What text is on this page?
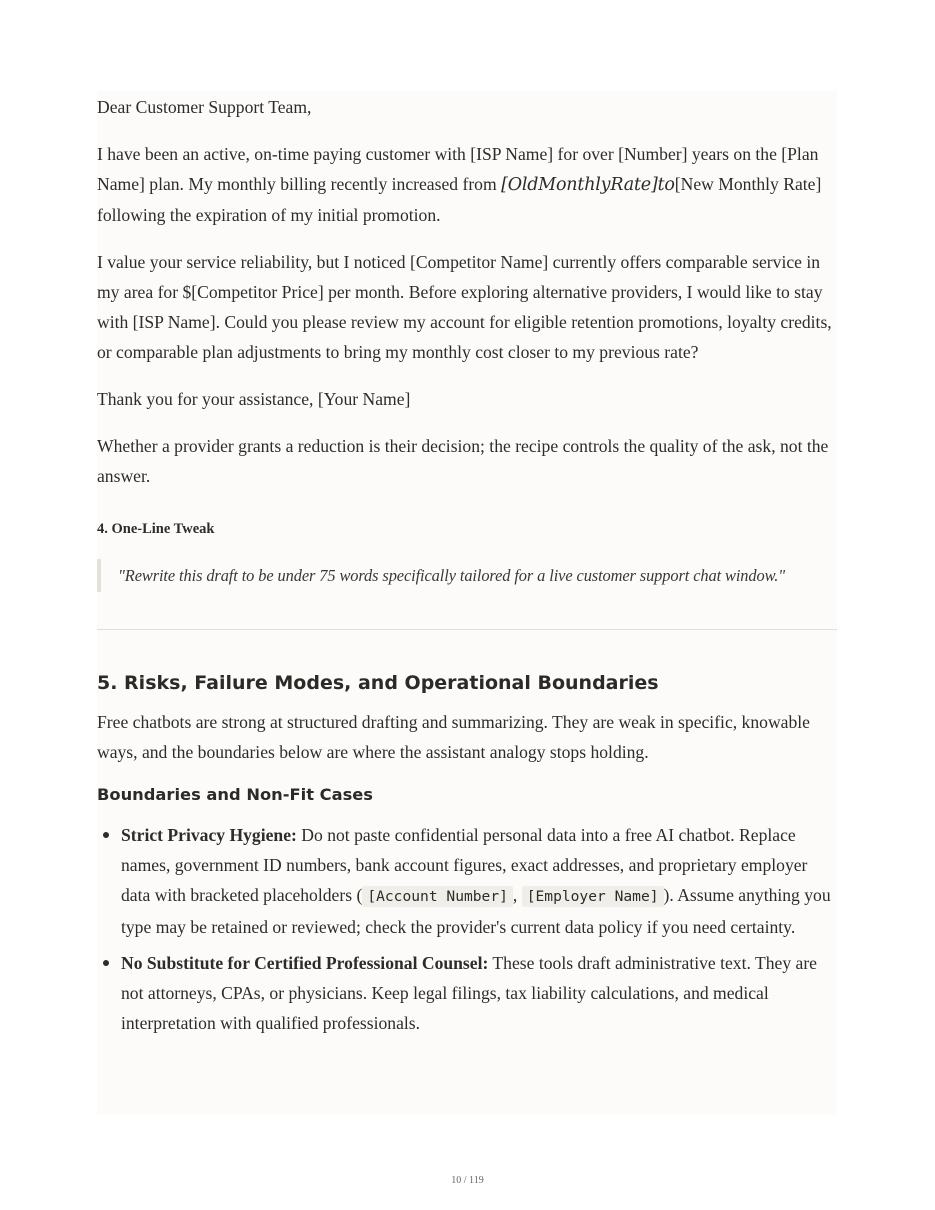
Dear Customer Support Team,

I have been an active, on-time paying customer with [ISP Name] for over [Number] years on the [Plan Name] plan. My monthly billing recently increased from [OldMonthlyRate]to[New Monthly Rate] following the expiration of my initial promotion.

I value your service reliability, but I noticed [Competitor Name] currently offers comparable service in my area for $[Competitor Price] per month. Before exploring alternative providers, I would like to stay with [ISP Name]. Could you please review my account for eligible retention promotions, loyalty credits, or comparable plan adjustments to bring my monthly cost closer to my previous rate?

Thank you for your assistance, [Your Name]

Whether a provider grants a reduction is their decision; the recipe controls the quality of the ask, not the answer.

4. One-Line Tweak
"Rewrite this draft to be under 75 words specifically tailored for a live customer support chat window."
5. Risks, Failure Modes, and Operational Boundaries

Free chatbots are strong at structured drafting and summarizing. They are weak in specific, knowable ways, and the boundaries below are where the assistant analogy stops holding.

Boundaries and Non-Fit Cases
Strict Privacy Hygiene: Do not paste confidential personal data into a free AI chatbot. Replace names, government ID numbers, bank account figures, exact addresses, and proprietary employer data with bracketed placeholders ( [Account Number] , [Employer Name] ). Assume anything you type may be retained or reviewed; check the provider's current data policy if you need certainty.
No Substitute for Certified Professional Counsel: These tools draft administrative text. They are not attorneys, CPAs, or physicians. Keep legal filings, tax liability calculations, and medical interpretation with qualified professionals.
10 / 119
